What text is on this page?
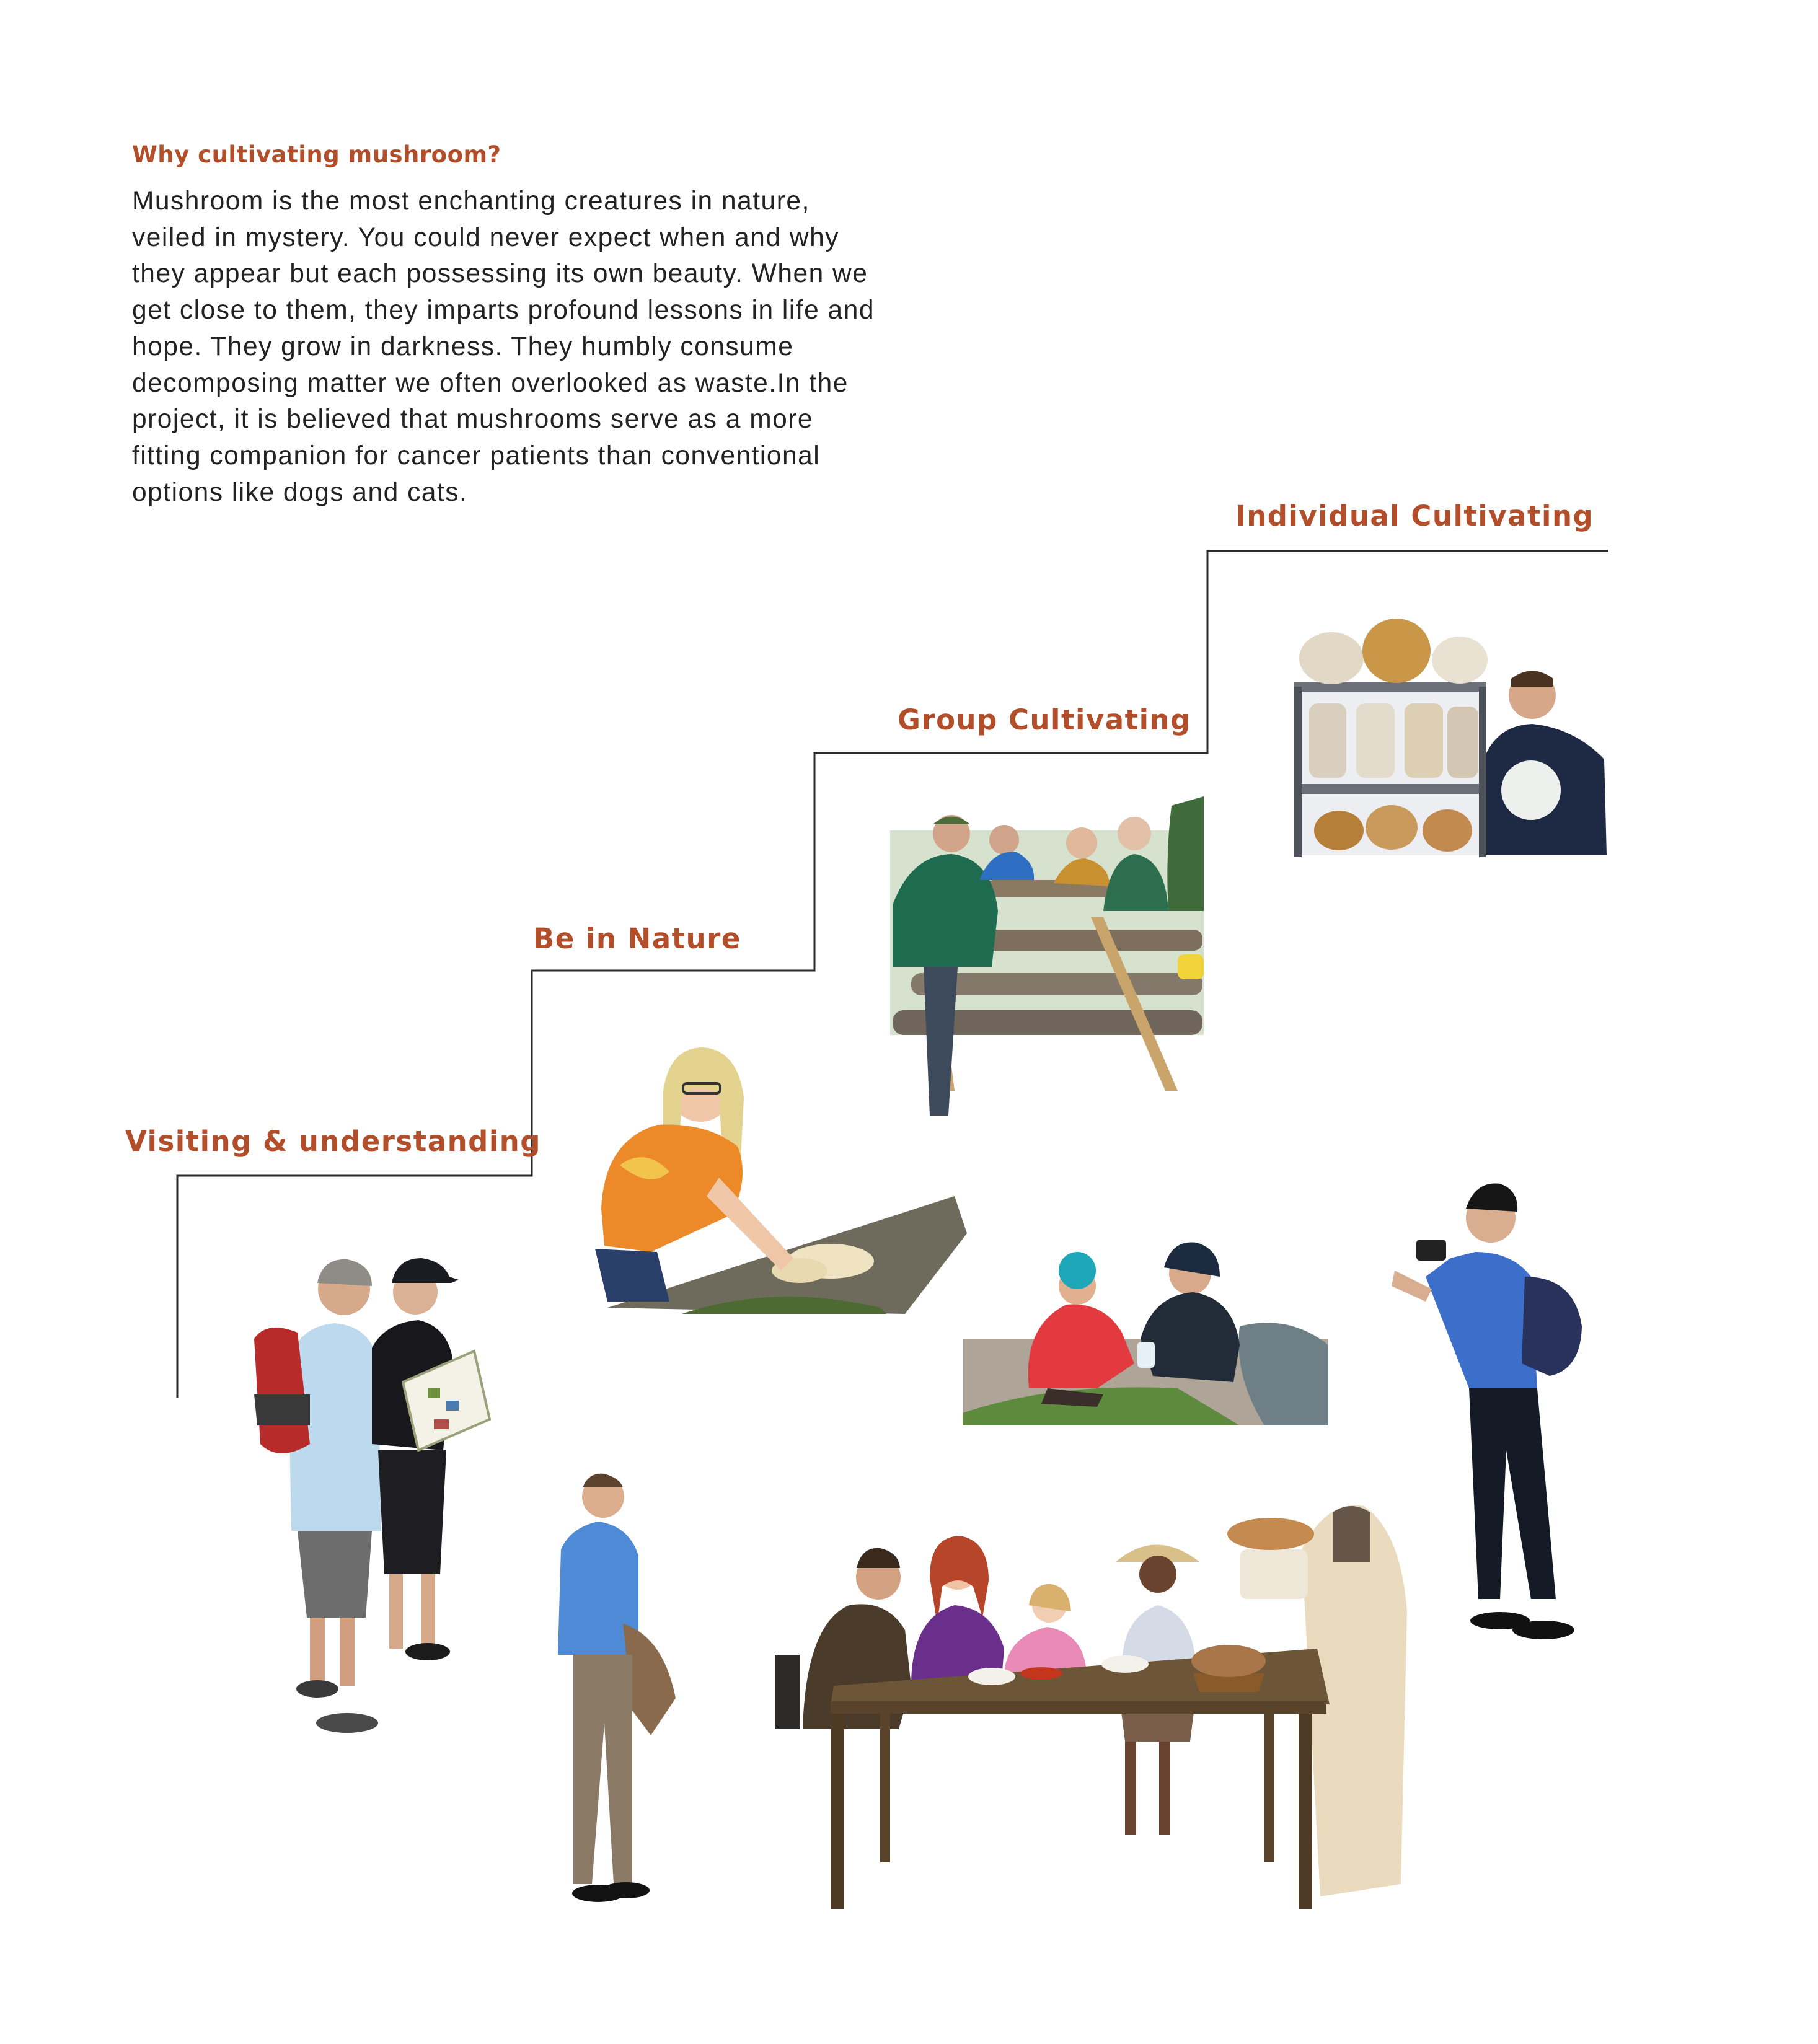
Why cultivating mushroom?

Mushroom is the most enchanting creatures in nature,
veiled in mystery. You could never expect when and why
they appear but each possessing its own beauty. When we
get close to them, they imparts profound lessons in life and
hope. They grow in darkness. They humbly consume
decomposing matter we often overlooked as waste.In the
project, it is believed that mushrooms serve as a more
fitting companion for cancer patients than conventional
options like dogs and cats.

Visiting & understanding
Be in Nature
Group Cultivating
Individual Cultivating
